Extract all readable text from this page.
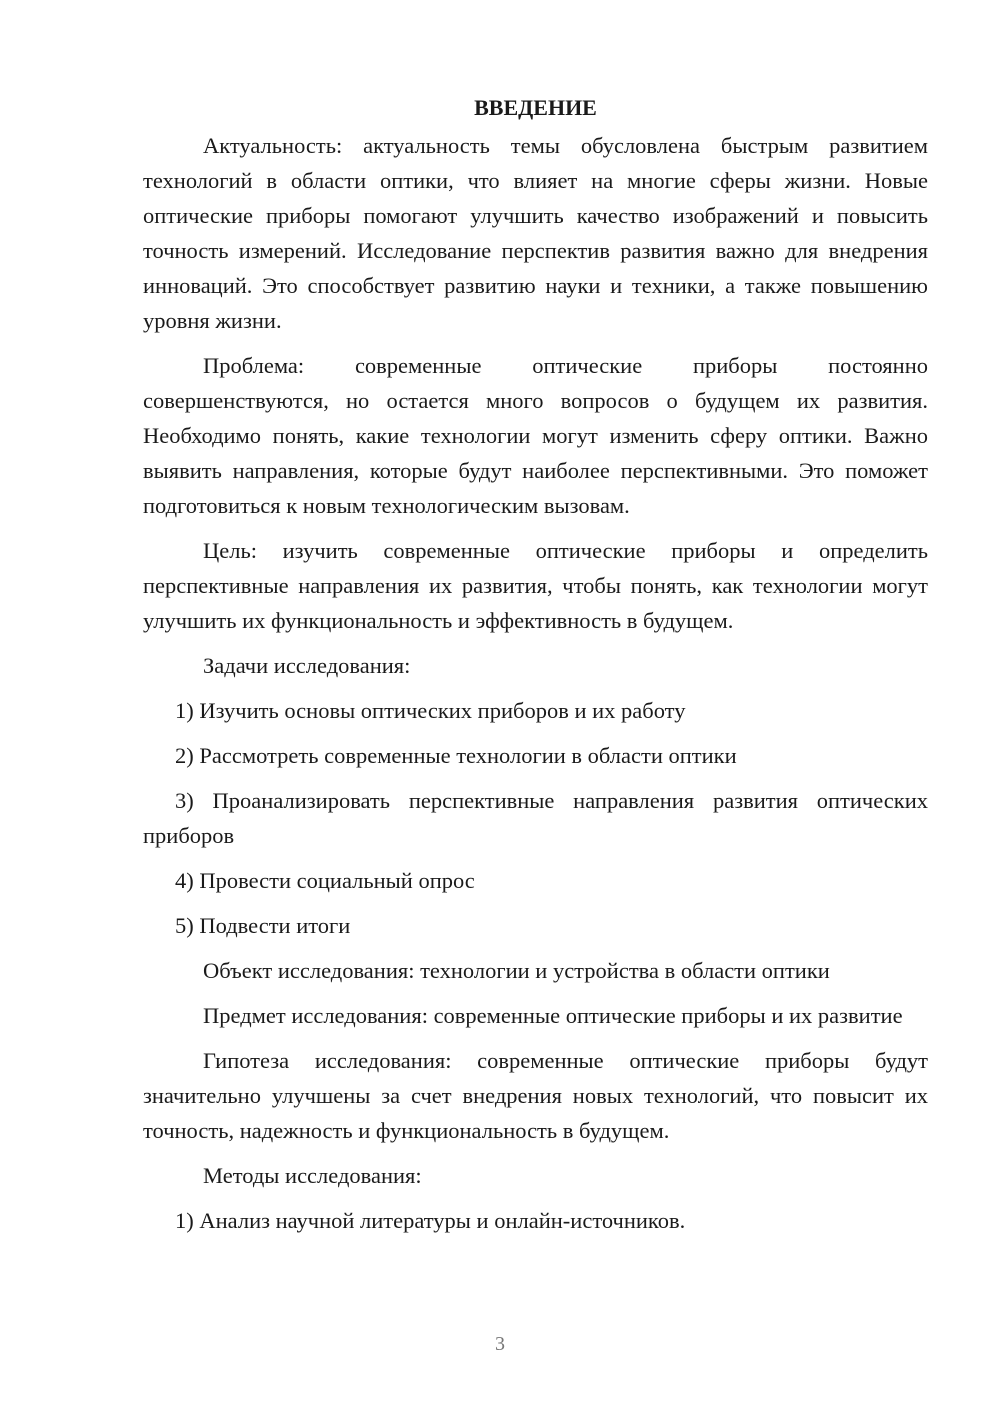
ВВЕДЕНИЕ

Актуальность: актуальность темы обусловлена быстрым развитием технологий в области оптики, что влияет на многие сферы жизни. Новые оптические приборы помогают улучшить качество изображений и повысить точность измерений. Исследование перспектив развития важно для внедрения инноваций. Это способствует развитию науки и техники, а также повышению уровня жизни.

Проблема: современные оптические приборы постоянно совершенствуются, но остается много вопросов о будущем их развития. Необходимо понять, какие технологии могут изменить сферу оптики. Важно выявить направления, которые будут наиболее перспективными. Это поможет подготовиться к новым технологическим вызовам.

Цель: изучить современные оптические приборы и определить перспективные направления их развития, чтобы понять, как технологии могут улучшить их функциональность и эффективность в будущем.

Задачи исследования:
1) Изучить основы оптических приборов и их работу
2) Рассмотреть современные технологии в области оптики
3) Проанализировать перспективные направления развития оптических приборов
4) Провести социальный опрос
5) Подвести итоги

Объект исследования: технологии и устройства в области оптики

Предмет исследования: современные оптические приборы и их развитие

Гипотеза исследования: современные оптические приборы будут значительно улучшены за счет внедрения новых технологий, что повысит их точность, надежность и функциональность в будущем.

Методы исследования:
1) Анализ научной литературы и онлайн-источников.
3
